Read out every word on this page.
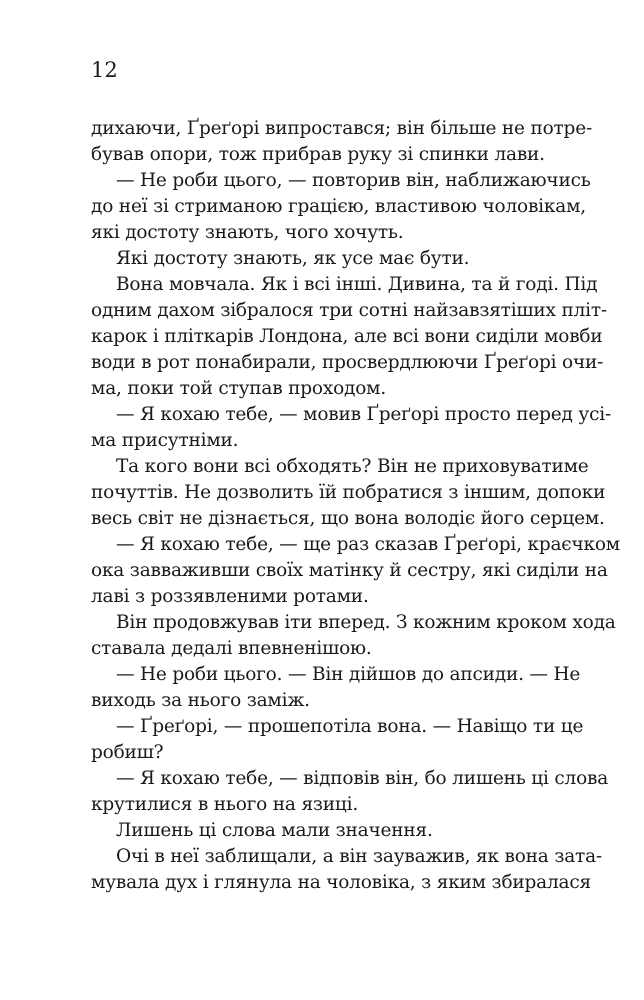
12
дихаючи, Ґреґорі випростався; він більше не потре-
бував опори, тож прибрав руку зі спинки лави.
— Не роби цього, — повторив він, наближаючись
до неї зі стриманою грацією, властивою чоловікам,
які достоту знають, чого хочуть.
Які достоту знають, як усе має бути.
Вона мовчала. Як і всі інші. Дивина, та й годі. Під
одним дахом зібралося три сотні найзавзятіших плiт-
карок і пліткарів Лондона, але всі вони сиділи мовби
води в рот понабирали, просвердлюючи Ґреґорі очи-
ма, поки той ступав проходом.
— Я кохаю тебе, — мовив Ґреґорі просто перед усі-
ма присутніми.
Та кого вони всі обходять? Він не приховуватиме
почуттів. Не дозволить їй побратися з іншим, допоки
весь світ не дізнається, що вона володіє його серцем.
— Я кохаю тебе, — ще раз сказав Ґреґорі, краєчком
ока завваживши своїх матінку й сестру, які сиділи на
лаві з роззявленими ротами.
Він продовжував іти вперед. З кожним кроком хода
ставала дедалі впевненішою.
— Не роби цього. — Він дійшов до апсиди. — Не
виходь за нього заміж.
— Ґреґорі, — прошепотіла вона. — Навіщо ти це
робиш?
— Я кохаю тебе, — відповів він, бо лишень ці слова
крутилися в нього на язиці.
Лишень ці слова мали значення.
Очі в неї заблищали, а він зауважив, як вона зата-
мувала дух і глянула на чоловіка, з яким збиралася
